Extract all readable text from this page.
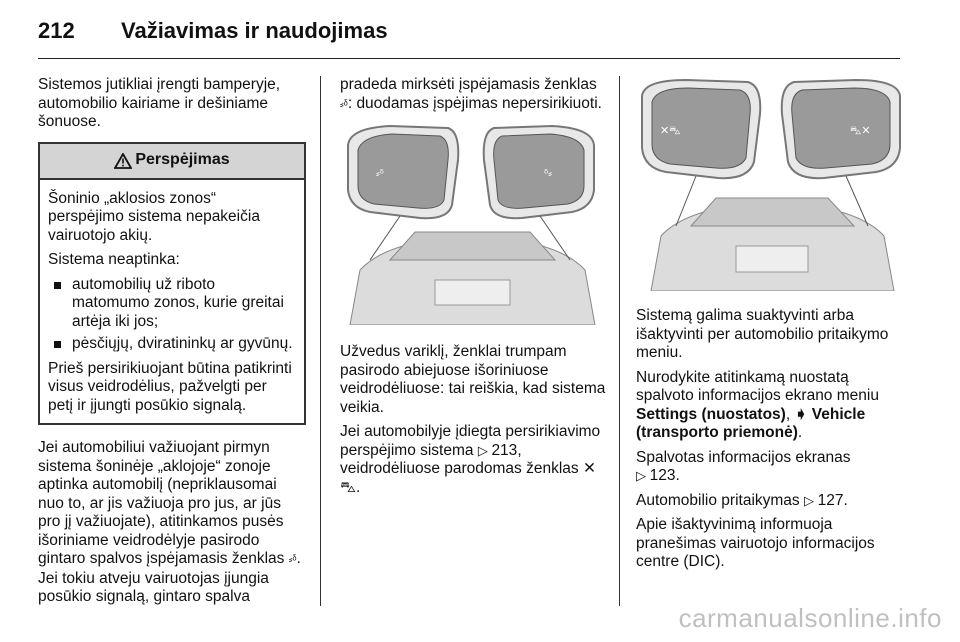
212 Važiavimas ir naudojimas

Sistemos jutikliai įrengti bamperyje, automobilio kairiame ir dešiniame šonuose.

Perspėjimas

Šoninio „aklosios zonos“ perspėjimo sistema nepakeičia vairuotojo akių.

Sistema neaptinka:

automobilių už riboto matomumo zonos, kurie greitai artėja iki jos;
pėsčiųjų, dviratininkų ar gyvūnų.

Prieš persirikiuojant būtina patikrinti visus veidrodėlius, pažvelgti per petį ir įjungti posūkio signalą.

Jei automobiliui važiuojant pirmyn sistema šoninėje „aklojoje“ zonoje aptinka automobilį (nepriklausomai nuo to, ar jis važiuoja pro jus, ar jūs pro jį važiuojate), atitinkamos pusės išoriniame veidrodėlyje pasirodo gintaro spalvos įspėjamasis ženklas ⸗ᵟ. Jei tokiu atveju vairuotojas įjungia posūkio signalą, gintaro spalva

pradeda mirksėti įspėjamasis ženklas
⸗ᵟ: duodamas įspėjimas nepersirikiuoti.

⸗ᵟ	ᵟ⸗

Užvedus variklį, ženklai trumpam pasirodo abiejuose išoriniuose veidrodėliuose: tai reiškia, kad sistema veikia.

Jei automobilyje įdiegta persirikiavimo perspėjimo sistema ▷ 213, veidrodėliuose parodomas ženklas ✕⛍.

✕⛍	⛍✕

Sistemą galima suaktyvinti arba išaktyvinti per automobilio pritaikymo meniu.

Nurodykite atitinkamą nuostatą spalvoto informacijos ekrano meniu Settings (nuostatos), ➧ Vehicle (transporto priemonė).

Spalvotas informacijos ekranas
▷ 123.

Automobilio pritaikymas ▷ 127.

Apie išaktyvinimą informuoja pranešimas vairuotojo informacijos centre (DIC).

carmanualsonline.info
